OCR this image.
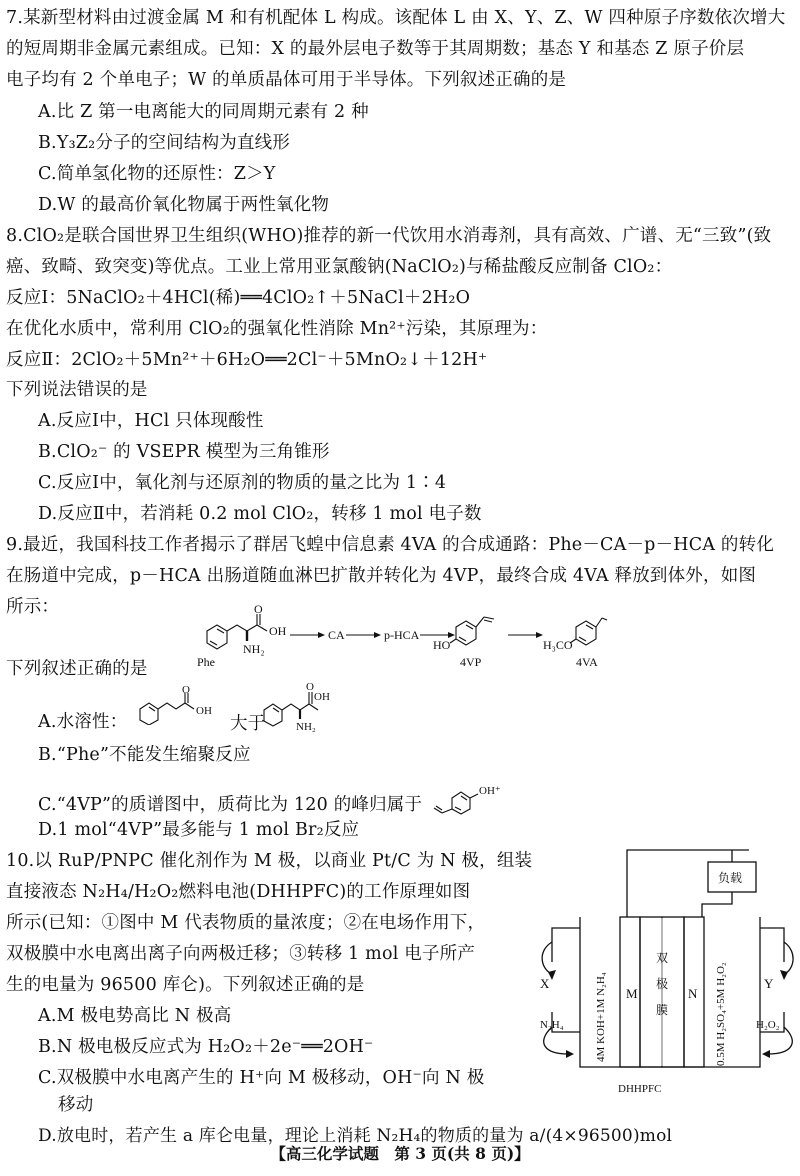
7.某新型材料由过渡金属 M 和有机配体 L 构成。该配体 L 由 X、Y、Z、W 四种原子序数依次增大
的短周期非金属元素组成。已知：X 的最外层电子数等于其周期数；基态 Y 和基态 Z 原子价层
电子均有 2 个单电子；W 的单质晶体可用于半导体。下列叙述正确的是
A.比 Z 第一电离能大的同周期元素有 2 种
B.Y₃Z₂分子的空间结构为直线形
C.简单氢化物的还原性：Z＞Y
D.W 的最高价氧化物属于两性氧化物
8.ClO₂是联合国世界卫生组织(WHO)推荐的新一代饮用水消毒剂，具有高效、广谱、无“三致”(致
癌、致畸、致突变)等优点。工业上常用亚氯酸钠(NaClO₂)与稀盐酸反应制备 ClO₂：
反应Ⅰ：5NaClO₂＋4HCl(稀)══4ClO₂↑＋5NaCl＋2H₂O
在优化水质中，常利用 ClO₂的强氧化性消除 Mn²⁺污染，其原理为：
反应Ⅱ：2ClO₂＋5Mn²⁺＋6H₂O══2Cl⁻＋5MnO₂↓＋12H⁺
下列说法错误的是
A.反应Ⅰ中，HCl 只体现酸性
B.ClO₂⁻ 的 VSEPR 模型为三角锥形
C.反应Ⅰ中，氧化剂与还原剂的物质的量之比为 1∶4
D.反应Ⅱ中，若消耗 0.2 mol ClO₂，转移 1 mol 电子数
9.最近，我国科技工作者揭示了群居飞蝗中信息素 4VA 的合成通路：Phe－CA－p－HCA 的转化
在肠道中完成，p－HCA 出肠道随血淋巴扩散并转化为 4VP，最终合成 4VA 释放到体外，如图
所示：	O
OH
NH₂
Phe
CA	p-HCA
HO
4VP
H₃CO
4VA
下列叙述正确的是
A.水溶性：
O
OH
大于
O
OH
NH₂
B.“Phe”不能发生缩聚反应
C.“4VP”的质谱图中，质荷比为 120 的峰归属于
OH⁺
D.1 mol“4VP”最多能与 1 mol Br₂反应
10.以 RuP/PNPC 催化剂作为 M 极，以商业 Pt/C 为 N 极，组装
直接液态 N₂H₄/H₂O₂燃料电池(DHHPFC)的工作原理如图
所示(已知：①图中 M 代表物质的量浓度；②在电场作用下，
双极膜中水电离出离子向两极迁移；③转移 1 mol 电子所产
生的电量为 96500 库仑)。下列叙述正确的是
A.M 极电势高比 N 极高
B.N 极电极反应式为 H₂O₂＋2e⁻══2OH⁻
C.双极膜中水电离产生的 H⁺向 M 极移动，OH⁻向 N 极
移动
D.放电时，若产生 a 库仑电量，理论上消耗 N₂H₄的物质的量为 a/(4×96500)mol
负载
M	N
双
极
膜
X	Y
N₂H₄	H₂O₂
DHHPFC
4M KOH+1M N₂H₄	0.5M H₂SO₄+5M H₂O₂
【高三化学试题　第 3 页(共 8 页)】
